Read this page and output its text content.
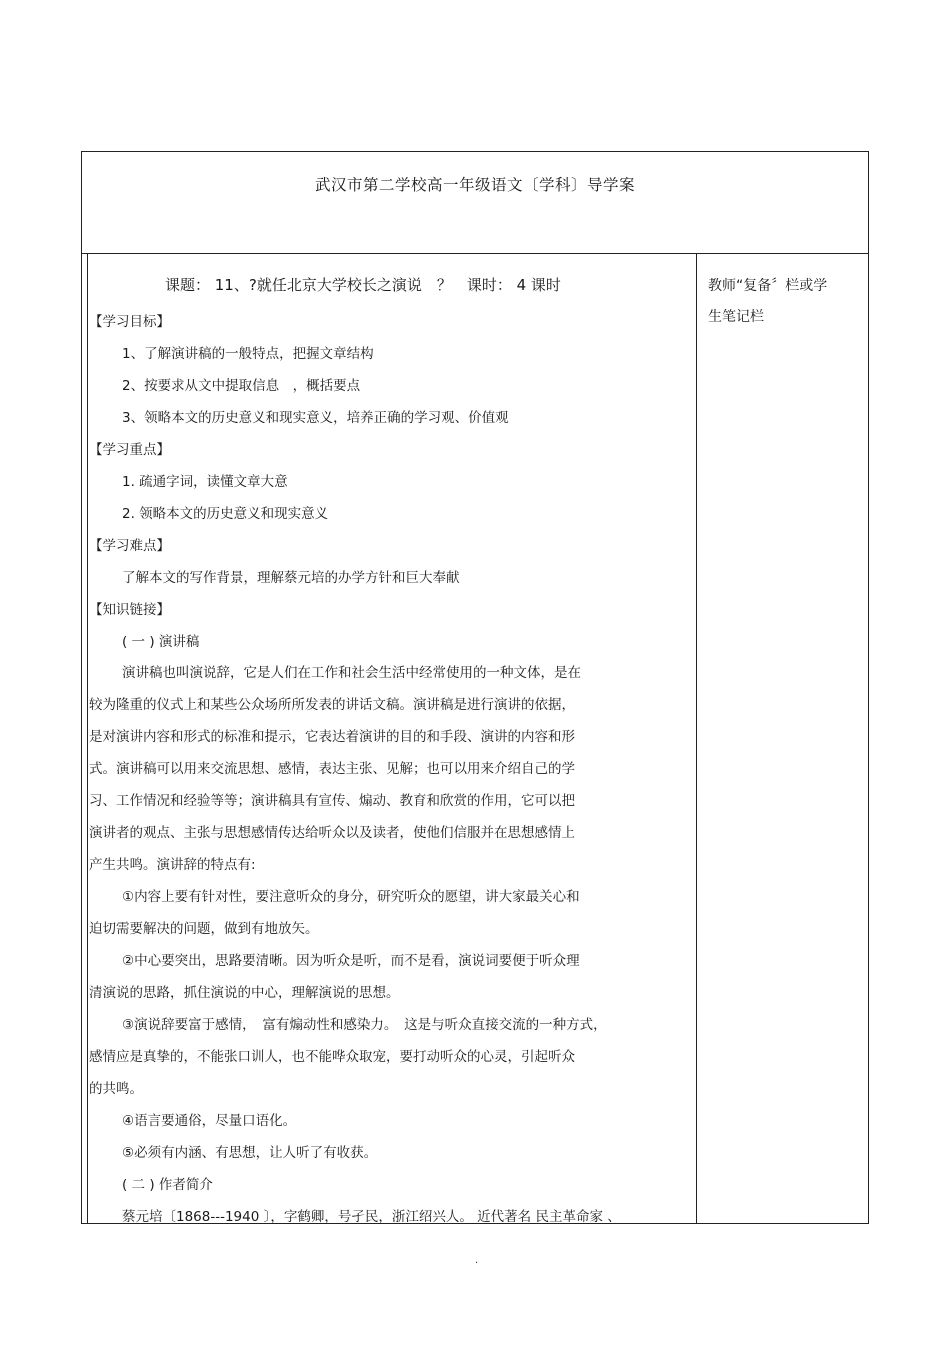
武汉市第二学校高一年级语文〔学科〕导学案
课题： 11、?就任北京大学校长之演说　？　课时： 4 课时
【学习目标】
1、了解演讲稿的一般特点，把握文章结构
2、按要求从文中提取信息　，概括要点
3、领略本文的历史意义和现实意义，培养正确的学习观、价值观
【学习重点】
1. 疏通字词，读懂文章大意
2. 领略本文的历史意义和现实意义
【学习难点】
了解本文的写作背景，理解蔡元培的办学方针和巨大奉献
【知识链接】
( 一 ) 演讲稿
演讲稿也叫演说辞，它是人们在工作和社会生活中经常使用的一种文体，是在
较为隆重的仪式上和某些公众场所所发表的讲话文稿。演讲稿是进行演讲的依据，
是对演讲内容和形式的标准和提示，它表达着演讲的目的和手段、演讲的内容和形
式。演讲稿可以用来交流思想、感情，表达主张、见解；也可以用来介绍自己的学
习、工作情况和经验等等；演讲稿具有宣传、煽动、教育和欣赏的作用，它可以把
演讲者的观点、主张与思想感情传达给听众以及读者，使他们信服并在思想感情上
产生共鸣。演讲辞的特点有:
①内容上要有针对性，要注意听众的身分，研究听众的愿望，讲大家最关心和
迫切需要解决的问题，做到有地放矢。
②中心要突出，思路要清晰。因为听众是听，而不是看，演说词要便于听众理
清演说的思路，抓住演说的中心，理解演说的思想。
③演说辞要富于感情，　富有煽动性和感染力。　这是与听众直接交流的一种方式，
感情应是真挚的，不能张口训人，也不能哗众取宠，要打动听众的心灵，引起听众
的共鸣。
④语言要通俗，尽量口语化。
⑤必须有内涵、有思想，让人听了有收获。
( 二 ) 作者简介
蔡元培〔1868---1940 〕，字鹤卿，号孑民，浙江绍兴人。 近代著名 民主革命家 、
教师“复备〞栏或学
生笔记栏
.
